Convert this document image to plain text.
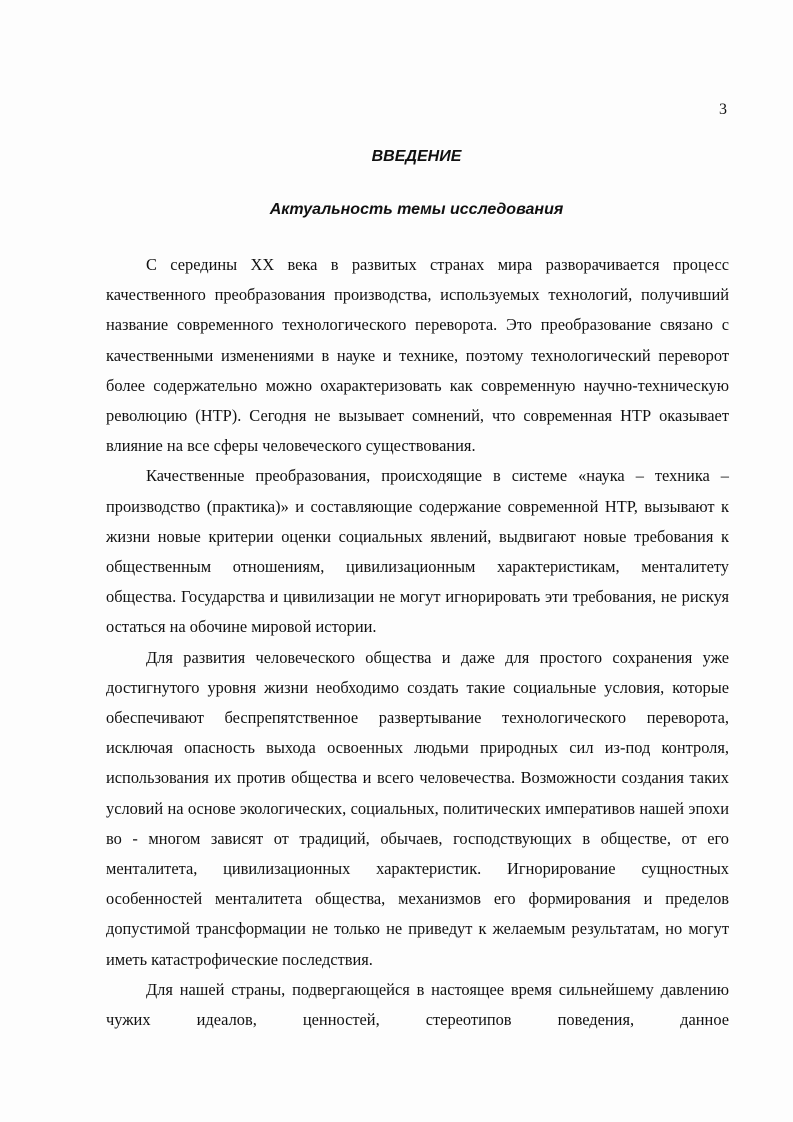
3
ВВЕДЕНИЕ
Актуальность темы исследования

С середины XX века в развитых странах мира разворачивается процесс качественного преобразования производства, используемых технологий, получивший название современного технологического переворота. Это преобразование связано с качественными изменениями в науке и технике, поэтому технологический переворот более содержательно можно охарактеризовать как современную научно-техническую революцию (НТР). Сегодня не вызывает сомнений, что современная НТР оказывает влияние на все сферы человеческого существования.

Качественные преобразования, происходящие в системе «наука – техника – производство (практика)» и составляющие содержание современной НТР, вызывают к жизни новые критерии оценки социальных явлений, выдвигают новые требования к общественным отношениям, цивилизационным характеристикам, менталитету общества. Государства и цивилизации не могут игнорировать эти требования, не рискуя остаться на обочине мировой истории.

Для развития человеческого общества и даже для простого сохранения уже достигнутого уровня жизни необходимо создать такие социальные условия, которые обеспечивают беспрепятственное развертывание технологического переворота, исключая опасность выхода освоенных людьми природных сил из-под контроля, использования их против общества и всего человечества. Возможности создания таких условий на основе экологических, социальных, политических императивов нашей эпохи во - многом зависят от традиций, обычаев, господствующих в обществе, от его менталитета, цивилизационных характеристик. Игнорирование сущностных особенностей менталитета общества, механизмов его формирования и пределов допустимой трансформации не только не приведут к желаемым результатам, но могут иметь катастрофические последствия.

Для нашей страны, подвергающейся в настоящее время сильнейшему давлению чужих идеалов, ценностей, стереотипов поведения, данное
